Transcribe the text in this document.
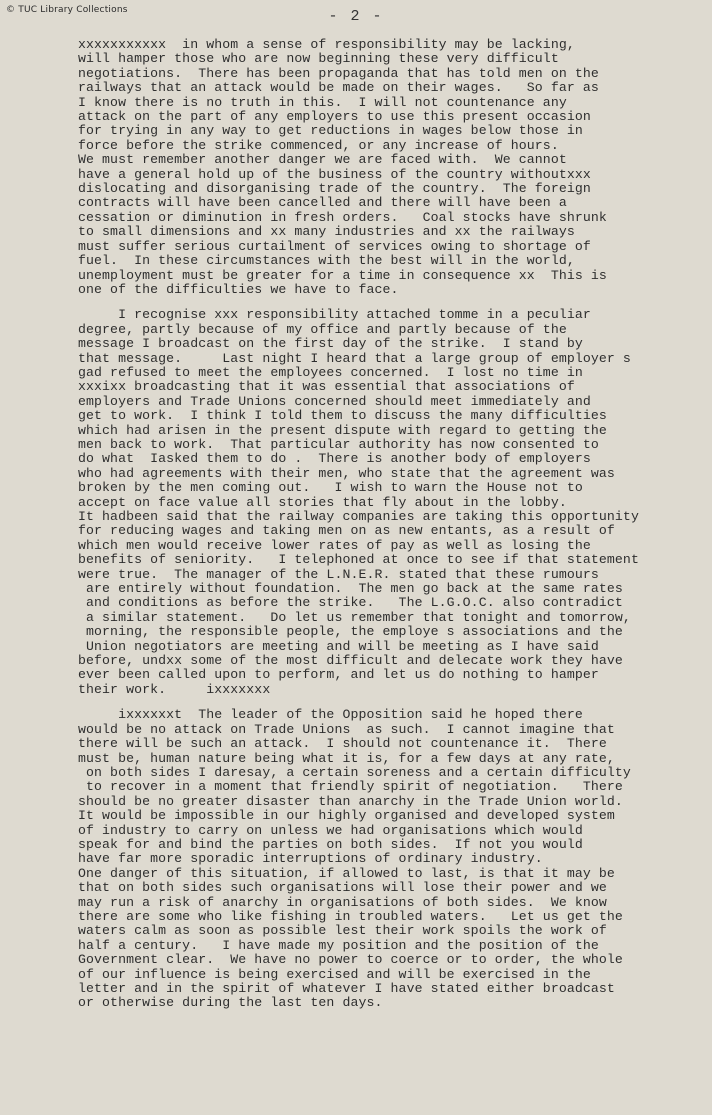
© TUC Library Collections	- 2 -
xxxxxxxxxxx  in whom a sense of responsibility may be lacking,
will hamper those who are now beginning these very difficult
negotiations.  There has been propaganda that has told men on the
railways that an attack would be made on their wages.   So far as
I know there is no truth in this.  I will not countenance any
attack on the part of any employers to use this present occasion
for trying in any way to get reductions in wages below those in
force before the strike commenced, or any increase of hours.
We must remember another danger we are faced with.  We cannot
have a general hold up of the business of the country withoutxxx
dislocating and disorganising trade of the country.  The foreign
contracts will have been cancelled and there will have been a
cessation or diminution in fresh orders.   Coal stocks have shrunk
to small dimensions and xx many industries and xx the railways
must suffer serious curtailment of services owing to shortage of
fuel.  In these circumstances with the best will in the world,
unemployment must be greater for a time in consequence xx  This is
one of the difficulties we have to face.
I recognise xxx responsibility attached tomme in a peculiar
degree, partly because of my office and partly because of the
message I broadcast on the first day of the strike.  I stand by
that message.     Last night I heard that a large group of employer s
gad refused to meet the employees concerned.  I lost no time in
xxxixx broadcasting that it was essential that associations of
employers and Trade Unions concerned should meet immediately and
get to work.  I think I told them to discuss the many difficulties
which had arisen in the present dispute with regard to getting the
men back to work.  That particular authority has now consented to
do what  Iasked them to do .  There is another body of employers
who had agreements with their men, who state that the agreement was
broken by the men coming out.   I wish to warn the House not to
accept on face value all stories that fly about in the lobby.
It hadbeen said that the railway companies are taking this opportunity
for reducing wages and taking men on as new entants, as a result of
which men would receive lower rates of pay as well as losing the
benefits of seniority.   I telephoned at once to see if that statement
were true.  The manager of the L.N.E.R. stated that these rumours
are entirely without foundation.  The men go back at the same rates
and conditions as before the strike.   The L.G.O.C. also contradict
a similar statement.   Do let us remember that tonight and tomorrow,
morning, the responsible people, the employe s associations and the
Union negotiators are meeting and will be meeting as I have said
before, undxx some of the most difficult and delecate work they have
ever been called upon to perform, and let us do nothing to hamper
their work.     ixxxxxxx
ixxxxxxt  The leader of the Opposition said he hoped there
would be no attack on Trade Unions  as such.  I cannot imagine that
there will be such an attack.  I should not countenance it.  There
must be, human nature being what it is, for a few days at any rate,
on both sides I daresay, a certain soreness and a certain difficulty
to recover in a moment that friendly spirit of negotiation.   There
should be no greater disaster than anarchy in the Trade Union world.
It would be impossible in our highly organised and developed system
of industry to carry on unless we had organisations which would
speak for and bind the parties on both sides.  If not you would
have far more sporadic interruptions of ordinary industry.
One danger of this situation, if allowed to last, is that it may be
that on both sides such organisations will lose their power and we
may run a risk of anarchy in organisations of both sides.  We know
there are some who like fishing in troubled waters.   Let us get the
waters calm as soon as possible lest their work spoils the work of
half a century.   I have made my position and the position of the
Government clear.  We have no power to coerce or to order, the whole
of our influence is being exercised and will be exercised in the
letter and in the spirit of whatever I have stated either broadcast
or otherwise during the last ten days.
